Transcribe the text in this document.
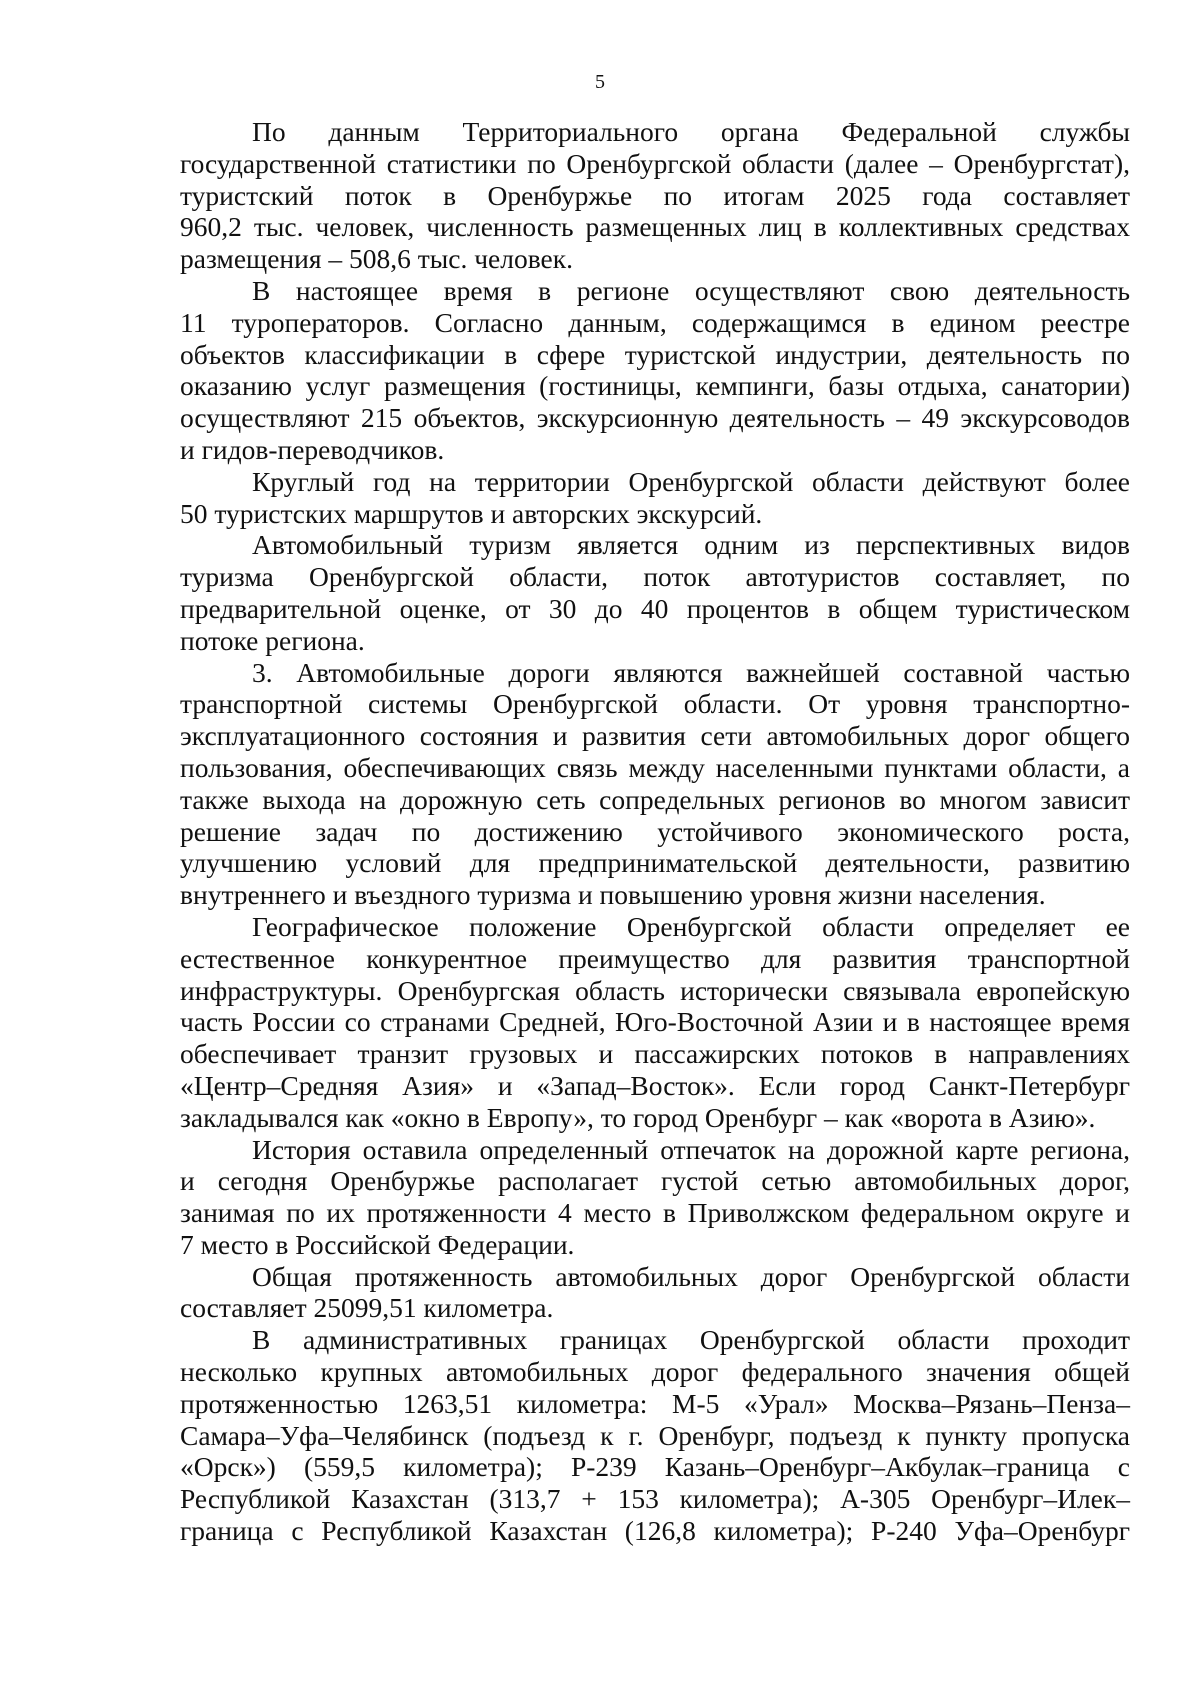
5
По данным Территориального органа Федеральной службы
государственной статистики по Оренбургской области (далее – Оренбургстат),
туристский поток в Оренбуржье по итогам 2025 года составляет
960,2 тыс. человек, численность размещенных лиц в коллективных средствах
размещения – 508,6 тыс. человек.
В настоящее время в регионе осуществляют свою деятельность
11 туроператоров. Согласно данным, содержащимся в едином реестре
объектов классификации в сфере туристской индустрии, деятельность по
оказанию услуг размещения (гостиницы, кемпинги, базы отдыха, санатории)
осуществляют 215 объектов, экскурсионную деятельность – 49 экскурсоводов
и гидов-переводчиков.
Круглый год на территории Оренбургской области действуют более
50 туристских маршрутов и авторских экскурсий.
Автомобильный туризм является одним из перспективных видов
туризма Оренбургской области, поток автотуристов составляет, по
предварительной оценке, от 30 до 40 процентов в общем туристическом
потоке региона.
3. Автомобильные дороги являются важнейшей составной частью
транспортной системы Оренбургской области. От уровня транспортно-
эксплуатационного состояния и развития сети автомобильных дорог общего
пользования, обеспечивающих связь между населенными пунктами области, а
также выхода на дорожную сеть сопредельных регионов во многом зависит
решение задач по достижению устойчивого экономического роста,
улучшению условий для предпринимательской деятельности, развитию
внутреннего и въездного туризма и повышению уровня жизни населения.
Географическое положение Оренбургской области определяет ее
естественное конкурентное преимущество для развития транспортной
инфраструктуры. Оренбургская область исторически связывала европейскую
часть России со странами Средней, Юго-Восточной Азии и в настоящее время
обеспечивает транзит грузовых и пассажирских потоков в направлениях
«Центр–Средняя Азия» и «Запад–Восток». Если город Санкт-Петербург
закладывался как «окно в Европу», то город Оренбург – как «ворота в Азию».
История оставила определенный отпечаток на дорожной карте региона,
и сегодня Оренбуржье располагает густой сетью автомобильных дорог,
занимая по их протяженности 4 место в Приволжском федеральном округе и
7 место в Российской Федерации.
Общая протяженность автомобильных дорог Оренбургской области
составляет 25099,51 километра.
В административных границах Оренбургской области проходит
несколько крупных автомобильных дорог федерального значения общей
протяженностью 1263,51 километра: М-5 «Урал» Москва–Рязань–Пенза–
Самара–Уфа–Челябинск (подъезд к г. Оренбург, подъезд к пункту пропуска
«Орск») (559,5 километра); Р-239 Казань–Оренбург–Акбулак–граница с
Республикой Казахстан (313,7 + 153 километра); А-305 Оренбург–Илек–
граница с Республикой Казахстан (126,8 километра); Р-240 Уфа–Оренбург
